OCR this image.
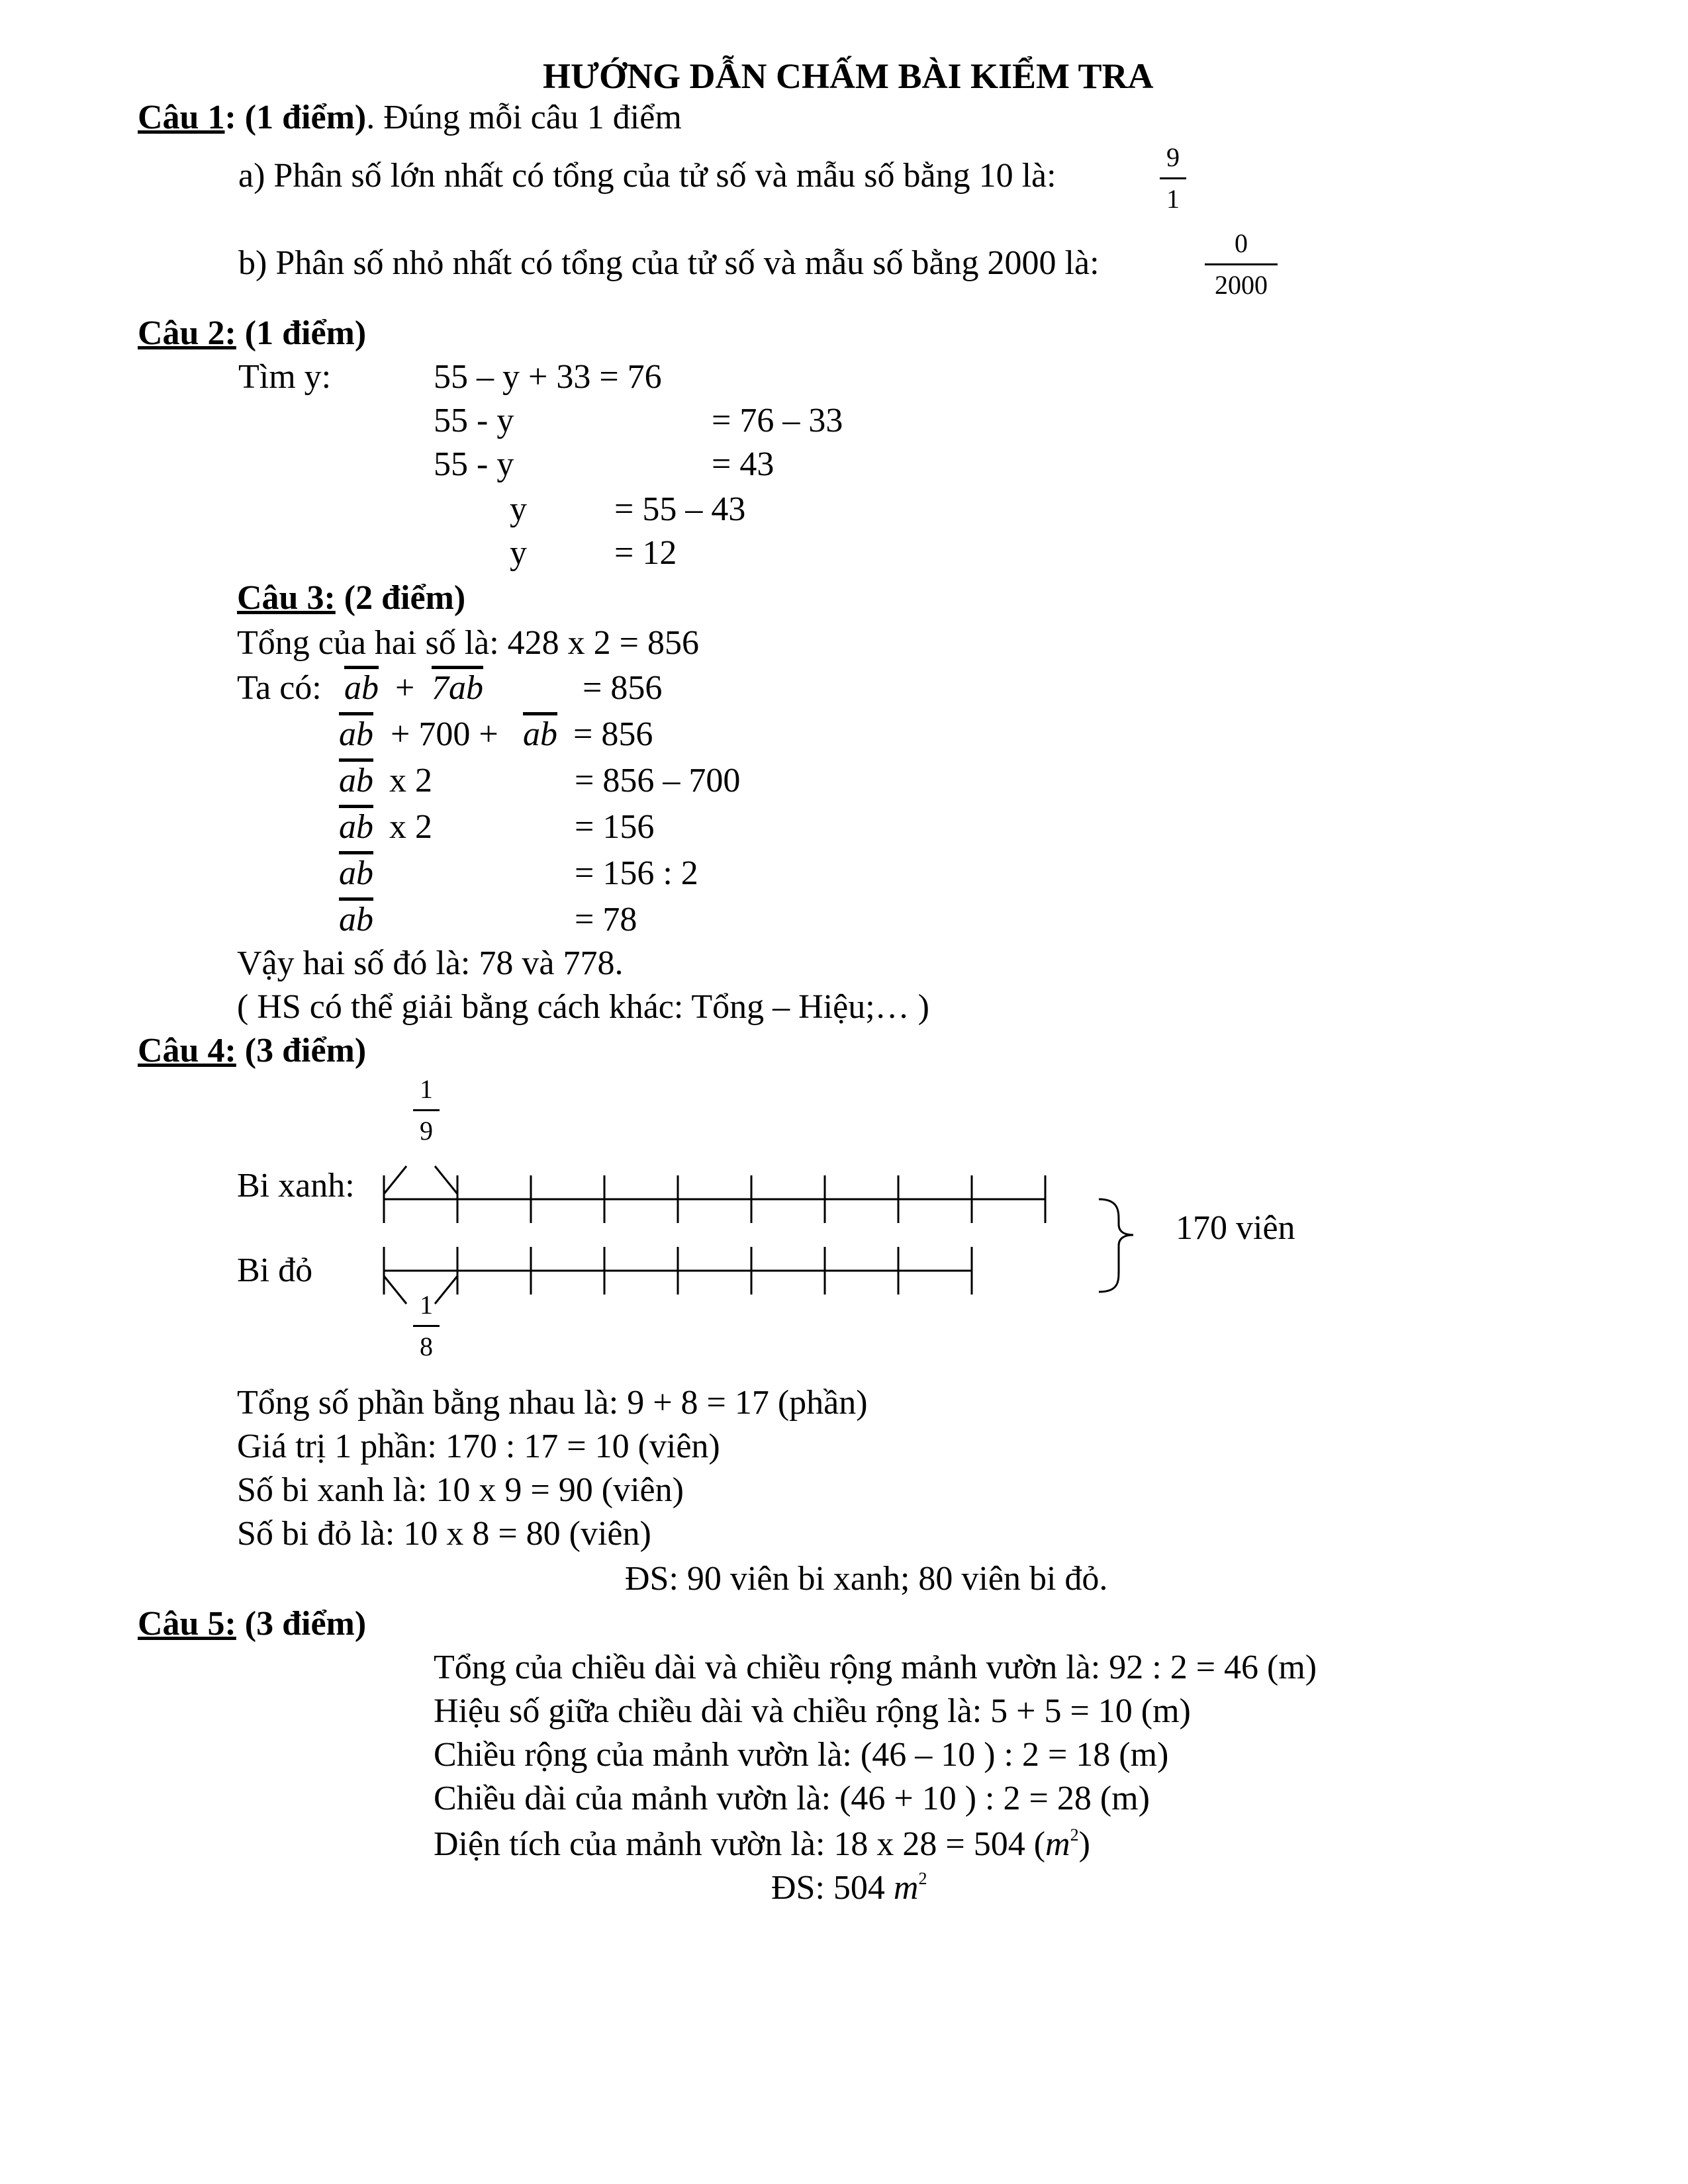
HƯỚNG DẪN CHẤM BÀI KIỂM TRA
Câu 1: (1 điểm). Đúng mỗi câu 1 điểm
a) Phân số lớn nhất có tổng của tử số và mẫu số bằng 10 là:	$\frac{9}{1}$
b) Phân số nhỏ nhất có tổng của tử số và mẫu số bằng 2000 là:	$\frac{0}{2000}$
Câu 2: (1 điểm)
Tìm y:	55 – y + 33 = 76
55 - y	= 76 – 33
55 - y	= 43
y	= 55 – 43
y	= 12
Câu 3: (2 điểm)
Tổng của hai số là: 428 x 2 = 856
Ta có: $\overline{ab} + 7ab$	= 856
$\overline{ab} + 700 + \overline{ab} = 856$
$\overline{ab}$ x 2	= 856 – 700
$\overline{ab}$ x 2	= 156
$\overline{ab}$	= 156 : 2
$\overline{ab}$	= 78
Vậy hai số đó là: 78 và 778.
( HS có thể giải bằng cách khác: Tổng – Hiệu;… )
Câu 4: (3 điểm)
$\frac{1}{9}$
Bi xanh:
Bi đỏ
$\frac{1}{8}$
170 viên
Tổng số phần bằng nhau là: 9 + 8 = 17 (phần)
Giá trị 1 phần: 170 : 17 = 10 (viên)
Số bi xanh là: 10 x 9 = 90 (viên)
Số bi đỏ là: 10 x 8 = 80 (viên)
ĐS: 90 viên bi xanh; 80 viên bi đỏ.
Câu 5: (3 điểm)
Tổng của chiều dài và chiều rộng mảnh vườn là: 92 : 2 = 46 (m)
Hiệu số giữa chiều dài và chiều rộng là: 5 + 5 = 10 (m)
Chiều rộng của mảnh vườn là: (46 – 10 ) : 2 = 18 (m)
Chiều dài của mảnh vườn là: (46 + 10 ) : 2 = 28 (m)
Diện tích của mảnh vườn là: 18 x 28 = 504 $(m^2)$
ĐS: 504 $m^2$
